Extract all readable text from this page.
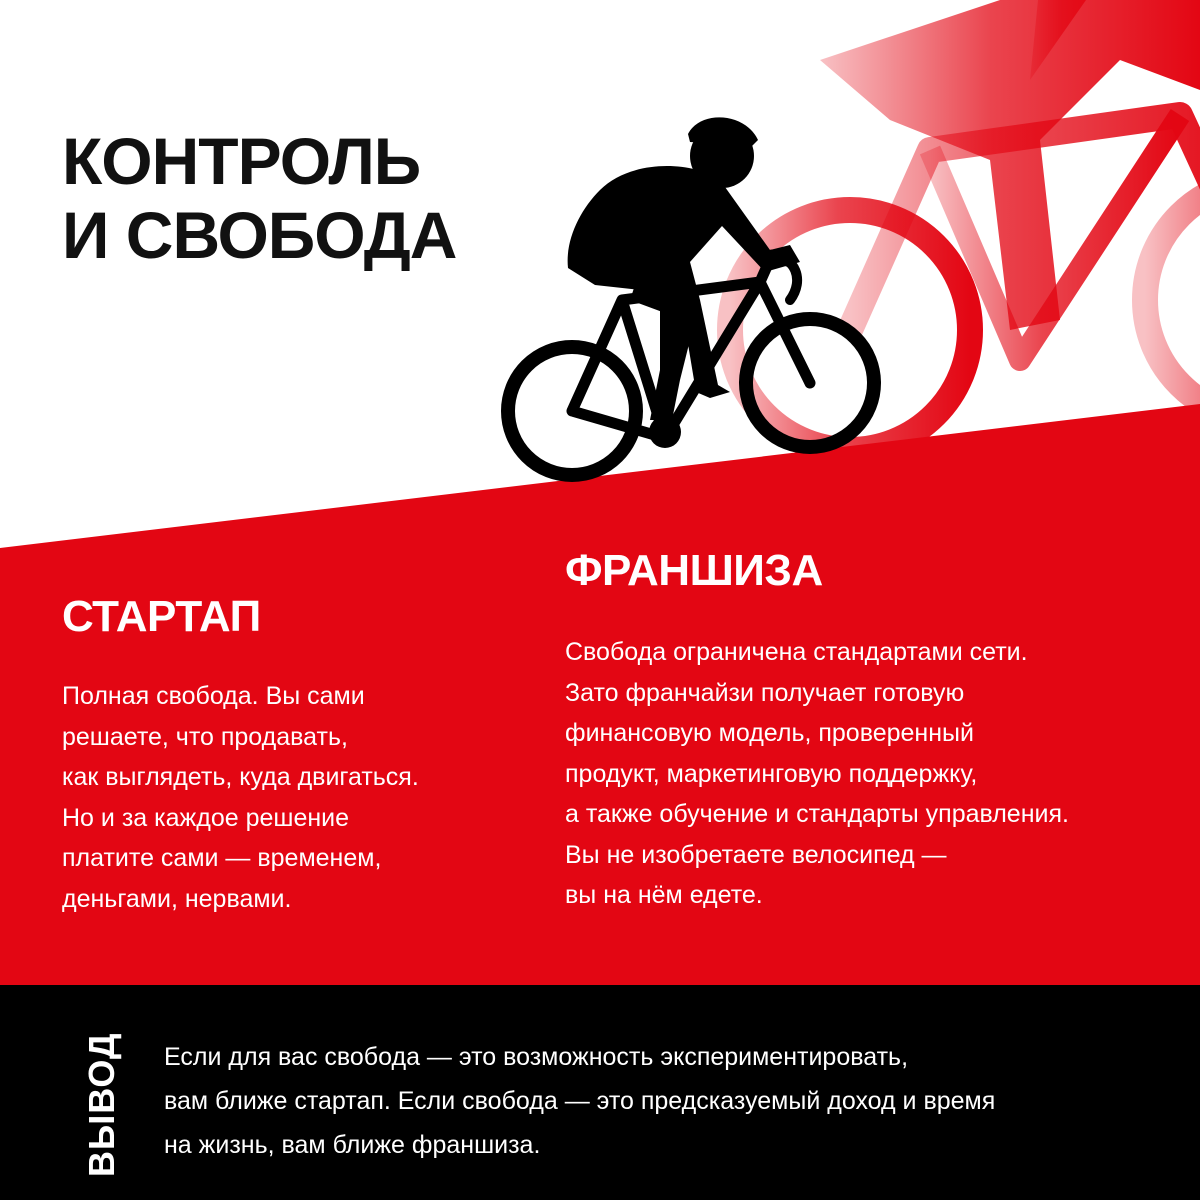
КОНТРОЛЬ
И СВОБОДА
СТАРТАП

Полная свобода. Вы сами
решаете, что продавать,
как выглядеть, куда двигаться.
Но и за каждое решение
платите сами — временем,
деньгами, нервами.

ФРАНШИЗА

Свобода ограничена стандартами сети.
Зато франчайзи получает готовую
финансовую модель, проверенный
продукт, маркетинговую поддержку,
а также обучение и стандарты управления.
Вы не изобретаете велосипед —
вы на нём едете.

ВЫВОД Если для вас свобода — это возможность экспериментировать,
вам ближе стартап. Если свобода — это предсказуемый доход и время
на жизнь, вам ближе франшиза.
